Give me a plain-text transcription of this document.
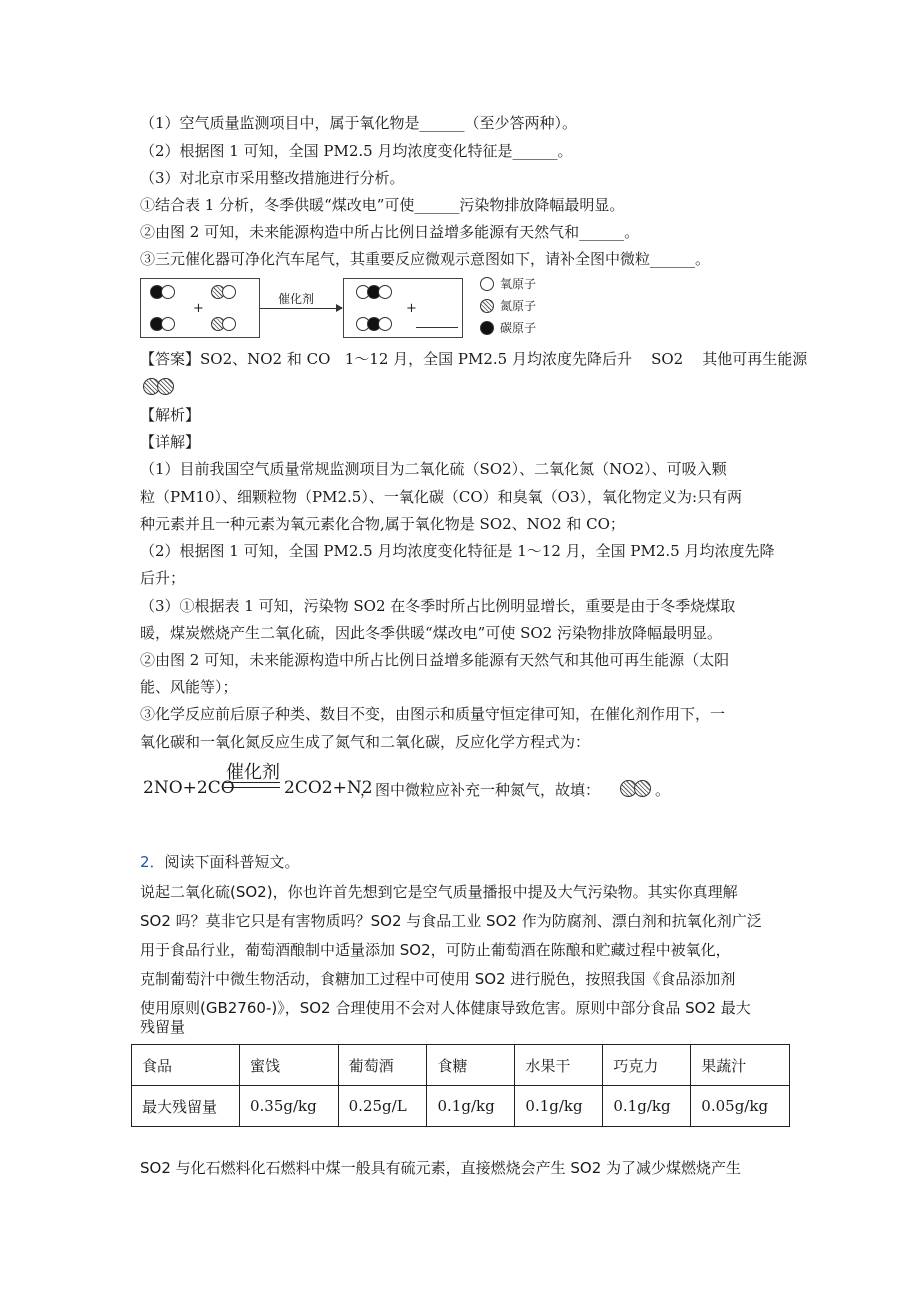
（1）空气质量监测项目中，属于氧化物是______（至少答两种）。
（2）根据图 1 可知，全国 PM2.5 月均浓度变化特征是______。
（3）对北京市采用整改措施进行分析。
①结合表 1 分析，冬季供暖“煤改电”可使______污染物排放降幅最明显。
②由图 2 可知，未来能源构造中所占比例日益增多能源有天然气和______。
③三元催化器可净化汽车尾气，其重要反应微观示意图如下，请补全图中微粒______。
+
催化剂
+
氧原子
氮原子
碳原子
【答案】SO2、NO2 和 CO 1～12 月，全国 PM2.5 月均浓度先降后升 SO2 其他可再生能源
【解析】
【详解】
（1）目前我国空气质量常规监测项目为二氧化硫（SO2）、二氧化氮（NO2）、可吸入颗
粒（PM10）、细颗粒物（PM2.5）、一氧化碳（CO）和臭氧（O3），氧化物定义为:只有两
种元素并且一种元素为氧元素化合物,属于氧化物是 SO2、NO2 和 CO；
（2）根据图 1 可知，全国 PM2.5 月均浓度变化特征是 1～12 月，全国 PM2.5 月均浓度先降
后升；
（3）①根据表 1 可知，污染物 SO2 在冬季时所占比例明显增长，重要是由于冬季烧煤取
暖，煤炭燃烧产生二氧化硫，因此冬季供暖“煤改电”可使 SO2 污染物排放降幅最明显。
②由图 2 可知，未来能源构造中所占比例日益增多能源有天然气和其他可再生能源（太阳
能、风能等）；
③化学反应前后原子种类、数目不变，由图示和质量守恒定律可知，在催化剂作用下，一
氧化碳和一氧化氮反应生成了氮气和二氧化碳，反应化学方程式为：
催化剂
2NO+2CO	2CO2+N2
，图中微粒应补充一种氮气，故填：	。
2．阅读下面科普短文。
说起二氧化硫(SO2)，你也许首先想到它是空气质量播报中提及大气污染物。其实你真理解
SO2 吗？莫非它只是有害物质吗？SO2 与食品工业 SO2 作为防腐剂、漂白剂和抗氧化剂广泛
用于食品行业，葡萄酒酿制中适量添加 SO2，可防止葡萄酒在陈酿和贮藏过程中被氧化，
克制葡萄汁中微生物活动，食糖加工过程中可使用 SO2 进行脱色，按照我国《食品添加剂
使用原则(GB2760-)》，SO2 合理使用不会对人体健康导致危害。原则中部分食品 SO2 最大
残留量
食品	蜜饯	葡萄酒	食糖	水果干	巧克力	果蔬汁
最大残留量	0.35g/kg	0.25g/L	0.1g/kg	0.1g/kg	0.1g/kg	0.05g/kg
SO2 与化石燃料化石燃料中煤一般具有硫元素，直接燃烧会产生 SO2 为了减少煤燃烧产生
